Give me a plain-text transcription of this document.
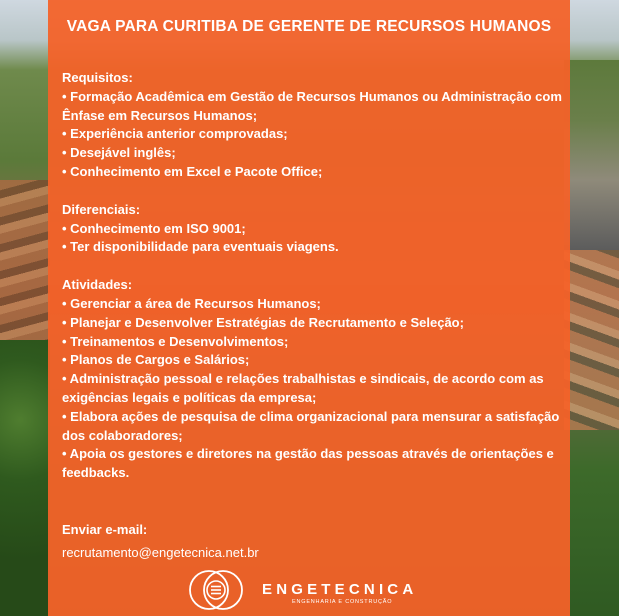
VAGA PARA CURITIBA DE GERENTE DE RECURSOS HUMANOS
Requisitos:
• Formação Acadêmica em Gestão de Recursos Humanos ou Administração com Ênfase em Recursos Humanos;
• Experiência anterior comprovadas;
• Desejável inglês;
• Conhecimento em Excel e Pacote Office;
Diferenciais:
• Conhecimento em ISO 9001;
• Ter disponibilidade para eventuais viagens.
Atividades:
• Gerenciar a área de Recursos Humanos;
• Planejar e Desenvolver Estratégias de Recrutamento e Seleção;
• Treinamentos e Desenvolvimentos;
• Planos de Cargos e Salários;
• Administração pessoal e relações trabalhistas e sindicais, de acordo com as exigências legais e políticas da empresa;
• Elabora ações de pesquisa de clima organizacional para mensurar a satisfação dos colaboradores;
• Apoia os gestores e diretores na gestão das pessoas através de orientações e feedbacks.
Enviar e-mail:
recrutamento@engetecnica.net.br
ENGETECNICA
ENGENHARIA E CONSTRUÇÃO
